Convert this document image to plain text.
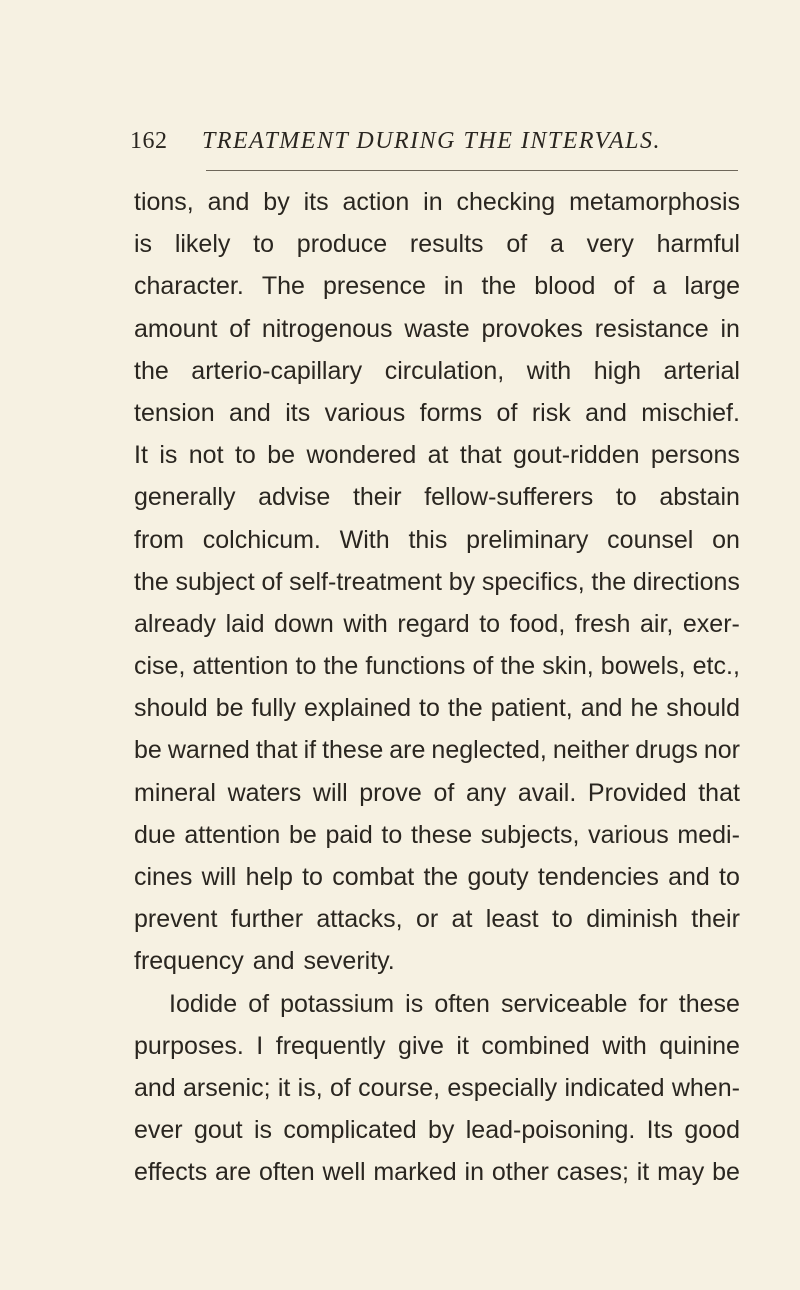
162 TREATMENT DURING THE INTERVALS.
tions, and by its action in checking metamorphosis
is likely to produce results of a very harmful
character. The presence in the blood of a large
amount of nitrogenous waste provokes resistance in
the arterio-capillary circulation, with high arterial
tension and its various forms of risk and mischief.
It is not to be wondered at that gout-ridden persons
generally advise their fellow-sufferers to abstain
from colchicum. With this preliminary counsel on
the subject of self-treatment by specifics, the directions
already laid down with regard to food, fresh air, exer-
cise, attention to the functions of the skin, bowels, etc.,
should be fully explained to the patient, and he should
be warned that if these are neglected, neither drugs nor
mineral waters will prove of any avail. Provided that
due attention be paid to these subjects, various medi-
cines will help to combat the gouty tendencies and to
prevent further attacks, or at least to diminish their
frequency and severity.
Iodide of potassium is often serviceable for these
purposes. I frequently give it combined with quinine
and arsenic; it is, of course, especially indicated when-
ever gout is complicated by lead-poisoning. Its good
effects are often well marked in other cases; it may be
